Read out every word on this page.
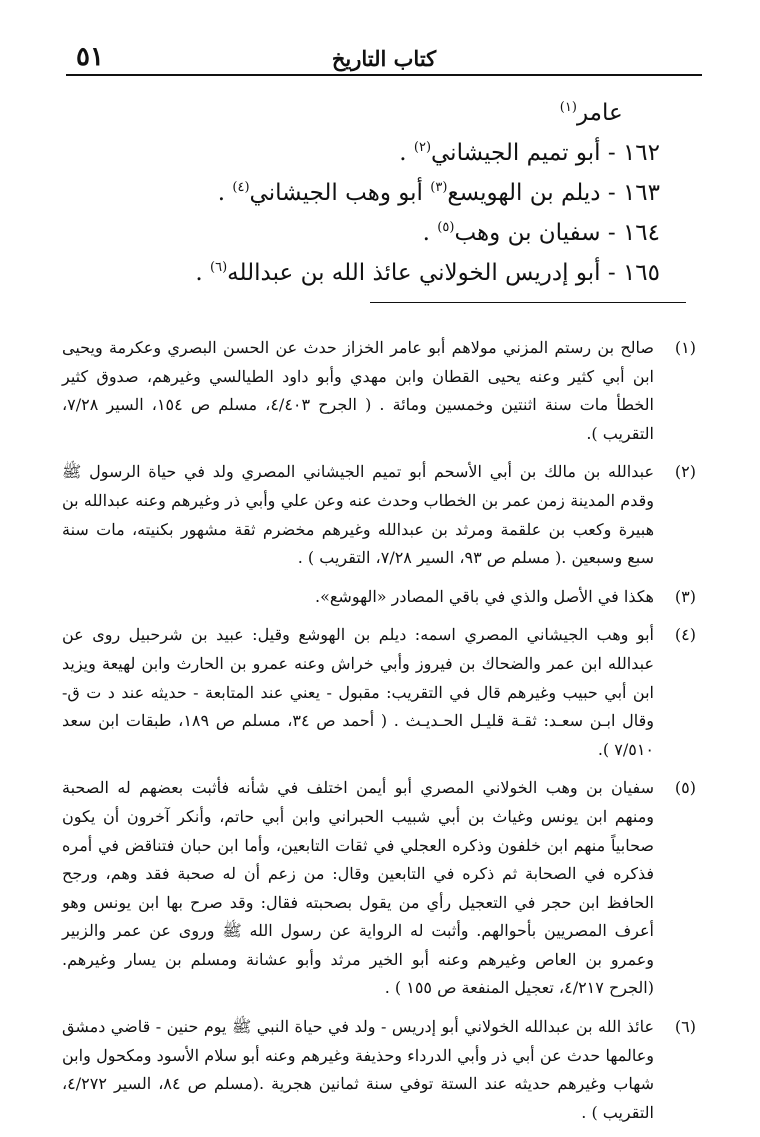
كتاب التاريخ
٥١
عامر$^{(١)}$
١٦٢ - أبو تميم الجيشاني$^{(٢)}$ .
١٦٣ - ديلم بن الهويسع$^{(٣)}$ أبو وهب الجيشاني$^{(٤)}$ .
١٦٤ - سفيان بن وهب$^{(٥)}$ .
١٦٥ - أبو إدريس الخولاني عائذ الله بن عبدالله$^{(٦)}$ .
(١)
صالح بن رستم المزني مولاهم أبو عامر الخزاز حدث عن الحسن البصري وعكرمة ويحيى ابن أبي كثير وعنه يحيى القطان وابن مهدي وأبو داود الطيالسي وغيرهم، صدوق كثير الخطأ مات سنة اثنتين وخمسين ومائة . ( الجرح ٤/٤٠٣، مسلم ص ١٥٤، السير ٧/٢٨، التقريب ).
(٢)
عبدالله بن مالك بن أبي الأسحم أبو تميم الجيشاني المصري ولد في حياة الرسول ﷺ وقدم المدينة زمن عمر بن الخطاب وحدث عنه وعن علي وأبي ذر وغيرهم وعنه عبدالله بن هبيرة وكعب بن علقمة ومرثد بن عبدالله وغيرهم مخضرم ثقة مشهور بكنيته، مات سنة سبع وسبعين .( مسلم ص ٩٣، السير ٧/٢٨، التقريب ) .
(٣)
هكذا في الأصل والذي في باقي المصادر «الهوشع».
(٤)
أبو وهب الجيشاني المصري اسمه: ديلم بن الهوشع وقيل: عبيد بن شرحبيل روى عن عبدالله ابن عمر والضحاك بن فيروز وأبي خراش وعنه عمرو بن الحارث وابن لهيعة ويزيد ابن أبي حبيب وغيرهم قال في التقريب: مقبول - يعني عند المتابعة - حديثه عند د ت ق- وقال ابـن سعـد: ثقـة قليـل الحـديـث . ( أحمد ص ٣٤، مسلم ص ١٨٩، طبقات ابن سعد ٧/٥١٠ ).
(٥)
سفيان بن وهب الخولاني المصري أبو أيمن اختلف في شأنه فأثبت بعضهم له الصحبة ومنهم ابن يونس وغياث بن أبي شبيب الحبراني وابن أبي حاتم، وأنكر آخرون أن يكون صحابياً منهم ابن خلفون وذكره العجلي في ثقات التابعين، وأما ابن حبان فتناقض في أمره فذكره في الصحابة ثم ذكره في التابعين وقال: من زعم أن له صحبة فقد وهم، ورجح الحافظ ابن حجر في التعجيل رأي من يقول بصحبته فقال: وقد صرح بها ابن يونس وهو أعرف المصريين بأحوالهم. وأثبت له الرواية عن رسول الله ﷺ وروى عن عمر والزبير وعمرو بن العاص وغيرهم وعنه أبو الخير مرثد وأبو عشانة ومسلم بن يسار وغيرهم. (الجرح ٤/٢١٧، تعجيل المنفعة ص ١٥٥ ) .
(٦)
عائذ الله بن عبدالله الخولاني أبو إدريس - ولد في حياة النبي ﷺ يوم حنين - قاضي دمشق وعالمها حدث عن أبي ذر وأبي الدرداء وحذيفة وغيرهم وعنه أبو سلام الأسود ومكحول وابن شهاب وغيرهم حديثه عند الستة توفي سنة ثمانين هجرية .(مسلم ص ٨٤، السير ٤/٢٧٢، التقريب ) .
